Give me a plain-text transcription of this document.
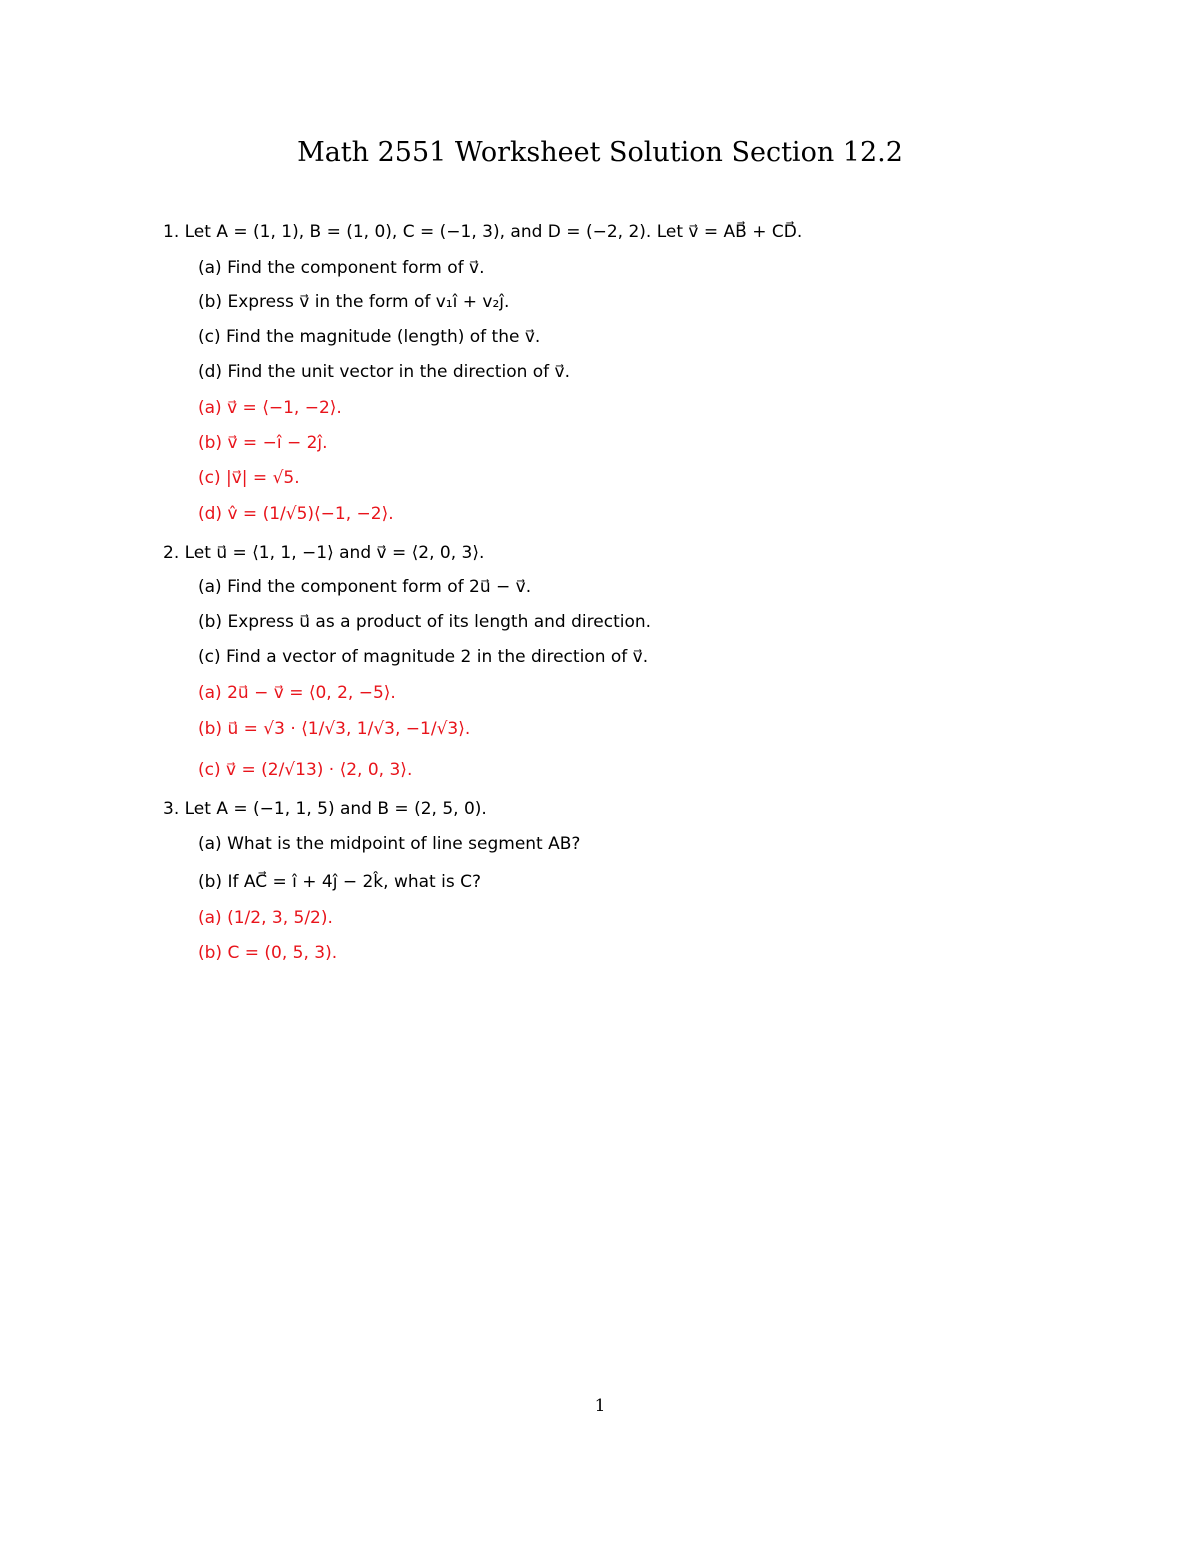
Math 2551 Worksheet Solution Section 12.2
1. Let A = (1, 1), B = (1, 0), C = (−1, 3), and D = (−2, 2). Let v⃗ = AB⃗ + CD⃗.
(a) Find the component form of v⃗.
(b) Express v⃗ in the form of v₁î + v₂ĵ.
(c) Find the magnitude (length) of the v⃗.
(d) Find the unit vector in the direction of v⃗.
(a) v⃗ = ⟨−1, −2⟩.
(b) v⃗ = −î − 2ĵ.
(c) |v⃗| = √5.
(d) v̂ = (1/√5)⟨−1, −2⟩.
2. Let u⃗ = ⟨1, 1, −1⟩ and v⃗ = ⟨2, 0, 3⟩.
(a) Find the component form of 2u⃗ − v⃗.
(b) Express u⃗ as a product of its length and direction.
(c) Find a vector of magnitude 2 in the direction of v⃗.
(a) 2u⃗ − v⃗ = ⟨0, 2, −5⟩.
(b) u⃗ = √3 · ⟨1/√3, 1/√3, −1/√3⟩.
(c) v⃗ = (2/√13) · ⟨2, 0, 3⟩.
3. Let A = (−1, 1, 5) and B = (2, 5, 0).
(a) What is the midpoint of line segment AB?
(b) If AC⃗ = î + 4ĵ − 2k̂, what is C?
(a) (1/2, 3, 5/2).
(b) C = (0, 5, 3).
1
